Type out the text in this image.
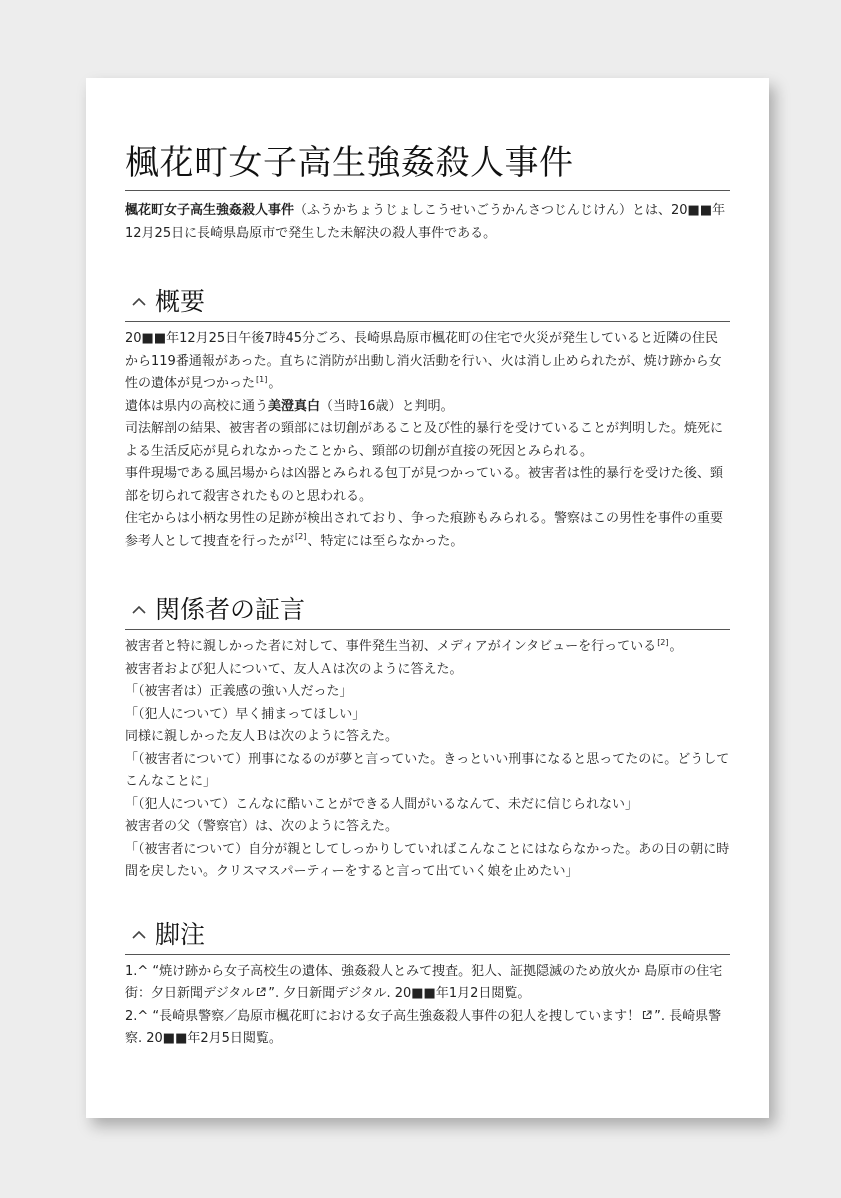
楓花町女子高生強姦殺人事件

楓花町女子高生強姦殺人事件（ふうかちょうじょしこうせいごうかんさつじんじけん）とは、20■■年12月25日に長崎県島原市で発生した未解決の殺人事件である。

概要

20■■年12月25日午後7時45分ごろ、長崎県島原市楓花町の住宅で火災が発生していると近隣の住民から119番通報があった。直ちに消防が出動し消火活動を行い、火は消し止められたが、焼け跡から女性の遺体が見つかった[1]。

遺体は県内の高校に通う美澄真白（当時16歳）と判明。

司法解剖の結果、被害者の頸部には切創があること及び性的暴行を受けていることが判明した。焼死による生活反応が見られなかったことから、頸部の切創が直接の死因とみられる。

事件現場である風呂場からは凶器とみられる包丁が見つかっている。被害者は性的暴行を受けた後、頸部を切られて殺害されたものと思われる。

住宅からは小柄な男性の足跡が検出されており、争った痕跡もみられる。警察はこの男性を事件の重要参考人として捜査を行ったが[2]、特定には至らなかった。

関係者の証言

被害者と特に親しかった者に対して、事件発生当初、メディアがインタビューを行っている[2]。

被害者および犯人について、友人Ａは次のように答えた。

「（被害者は）正義感の強い人だった」

「（犯人について）早く捕まってほしい」

同様に親しかった友人Ｂは次のように答えた。

「（被害者について）刑事になるのが夢と言っていた。きっといい刑事になると思ってたのに。どうしてこんなことに」

「（犯人について）こんなに酷いことができる人間がいるなんて、未だに信じられない」

被害者の父（警察官）は、次のように答えた。

「（被害者について）自分が親としてしっかりしていればこんなことにはならなかった。あの日の朝に時間を戻したい。クリスマスパーティーをすると言って出ていく娘を止めたい」

脚注

1.^ “焼け跡から女子高校生の遺体、強姦殺人とみて捜査。犯人、証拠隠滅のため放火か 島原市の住宅街：夕日新聞デジタル ”. 夕日新聞デジタル. 20■■年1月2日閲覧。

2.^ “長崎県警察／島原市楓花町における女子高生強姦殺人事件の犯人を捜しています！ ”. 長崎県警察. 20■■年2月5日閲覧。
